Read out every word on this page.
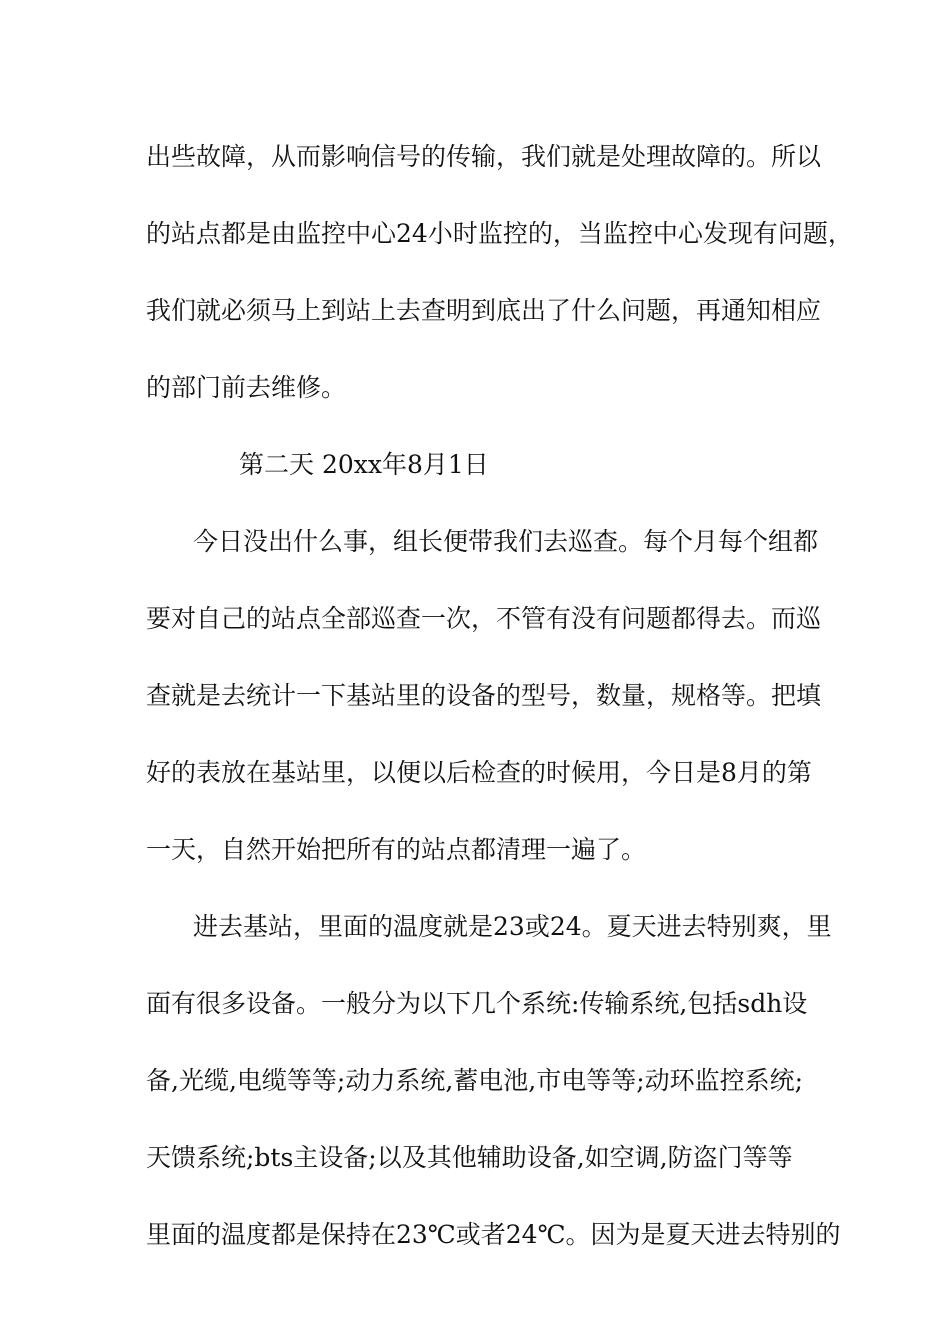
出些故障，从而影响信号的传输，我们就是处理故障的。所以
的站点都是由监控中心24小时监控的，当监控中心发现有问题，
我们就必须马上到站上去查明到底出了什么问题，再通知相应
的部门前去维修。
第二天 20xx年8月1日
今日没出什么事，组长便带我们去巡查。每个月每个组都
要对自己的站点全部巡查一次，不管有没有问题都得去。而巡
查就是去统计一下基站里的设备的型号，数量，规格等。把填
好的表放在基站里，以便以后检查的时候用，今日是8月的第
一天，自然开始把所有的站点都清理一遍了。
进去基站，里面的温度就是23或24。夏天进去特别爽，里
面有很多设备。一般分为以下几个系统:传输系统,包括sdh设
备,光缆,电缆等等;动力系统,蓄电池,市电等等;动环监控系统;
天馈系统;bts主设备;以及其他辅助设备,如空调,防盗门等等
里面的温度都是保持在23℃或者24℃。因为是夏天进去特别的
